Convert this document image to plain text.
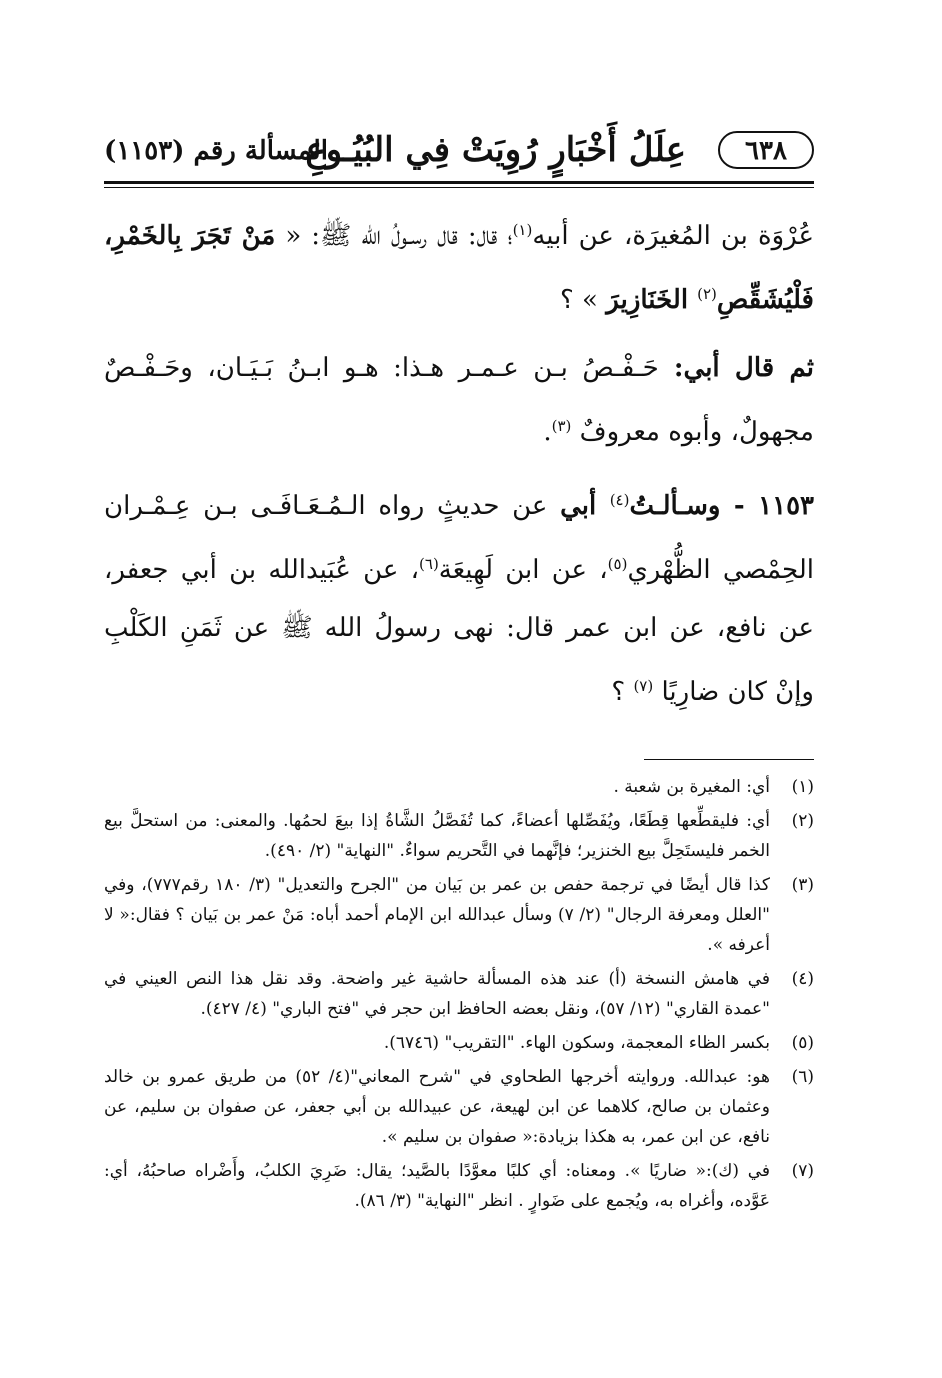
٦٣٨
عِلَلُ أَخْبَارٍ رُوِيَتْ فِي البُيُـوعِ
المسألة رقم (١١٥٣)

عُرْوَة بن المُغيرَة، عن أبيه$^{(١)}$؛ قال: قال رسـولُ الله ﷺ: « مَنْ تَجَرَ بِالخَمْرِ، فَلْيُشَقِّصِ$^{(٢)}$ الخَنَازِيرَ » ؟

ثم قال أبي: حَـفْـصُ بـن عـمـر هـذا: هـو ابـنُ بَـيَـان، وحَـفْـصٌ مجهولٌ، وأبوه معروفٌ $^{(٣)}$.

١١٥٣ - وسـألـتُ$^{(٤)}$ أبي عن حديثٍ رواه الـمُـعَـافَـى بـن عِـمْـران الحِمْصي الظُّهْري$^{(٥)}$، عن ابن لَهِيعَة$^{(٦)}$، عن عُبَيدالله بن أبي جعفر، عن نافع، عن ابن عمر قال: نهى رسولُ الله ﷺ عن ثَمَنِ الكَلْبِ وإنْ كان ضارِيًا $^{(٧)}$ ؟

(١)
أي: المغيرة بن شعبة .
(٢)
أي: فليقطِّعها قِطَعًا، ويُفَصِّلها أعضاءً، كما تُفَصَّلُ الشَّاةُ إذا بيعَ لحمُها. والمعنى: من استحلَّ بيع الخمر فليستَحِلَّ بيع الخنزير؛ فإنَّهما في التَّحريم سواءٌ. "النهاية" (٢/ ٤٩٠).
(٣)
كذا قال أيضًا في ترجمة حفص بن عمر بن بَيان من "الجرح والتعديل" (٣/ ١٨٠ رقم٧٧٧)، وفي "العلل ومعرفة الرجال" (٢/ ٧) وسأل عبدالله ابن الإمام أحمد أباه: مَنْ عمر بن بَيان ؟ فقال:« لا أعرفه ».
(٤)
في هامش النسخة (أ) عند هذه المسألة حاشية غير واضحة. وقد نقل هذا النص العيني في "عمدة القاري" (١٢/ ٥٧)، ونقل بعضه الحافظ ابن حجر في "فتح الباري" (٤/ ٤٢٧).
(٥)
بكسر الظاء المعجمة، وسكون الهاء. "التقريب" (٦٧٤٦).
(٦)
هو: عبدالله. وروايته أخرجها الطحاوي في "شرح المعاني"(٤/ ٥٢) من طريق عمرو بن خالد وعثمان بن صالح، كلاهما عن ابن لهيعة، عن عبيدالله بن أبي جعفر، عن صفوان بن سليم، عن نافع، عن ابن عمر، به هكذا بزيادة:« صفوان بن سليم ».
(٧)
في (ك):« ضاريًا ». ومعناه: أي كلبًا معوَّدًا بالصَّيد؛ يقال: ضَرِيَ الكلبُ، وأَضْراه صاحبُهُ، أي: عَوَّده، وأغراه به، ويُجمع على ضَوارٍ . انظر "النهاية" (٣/ ٨٦).
